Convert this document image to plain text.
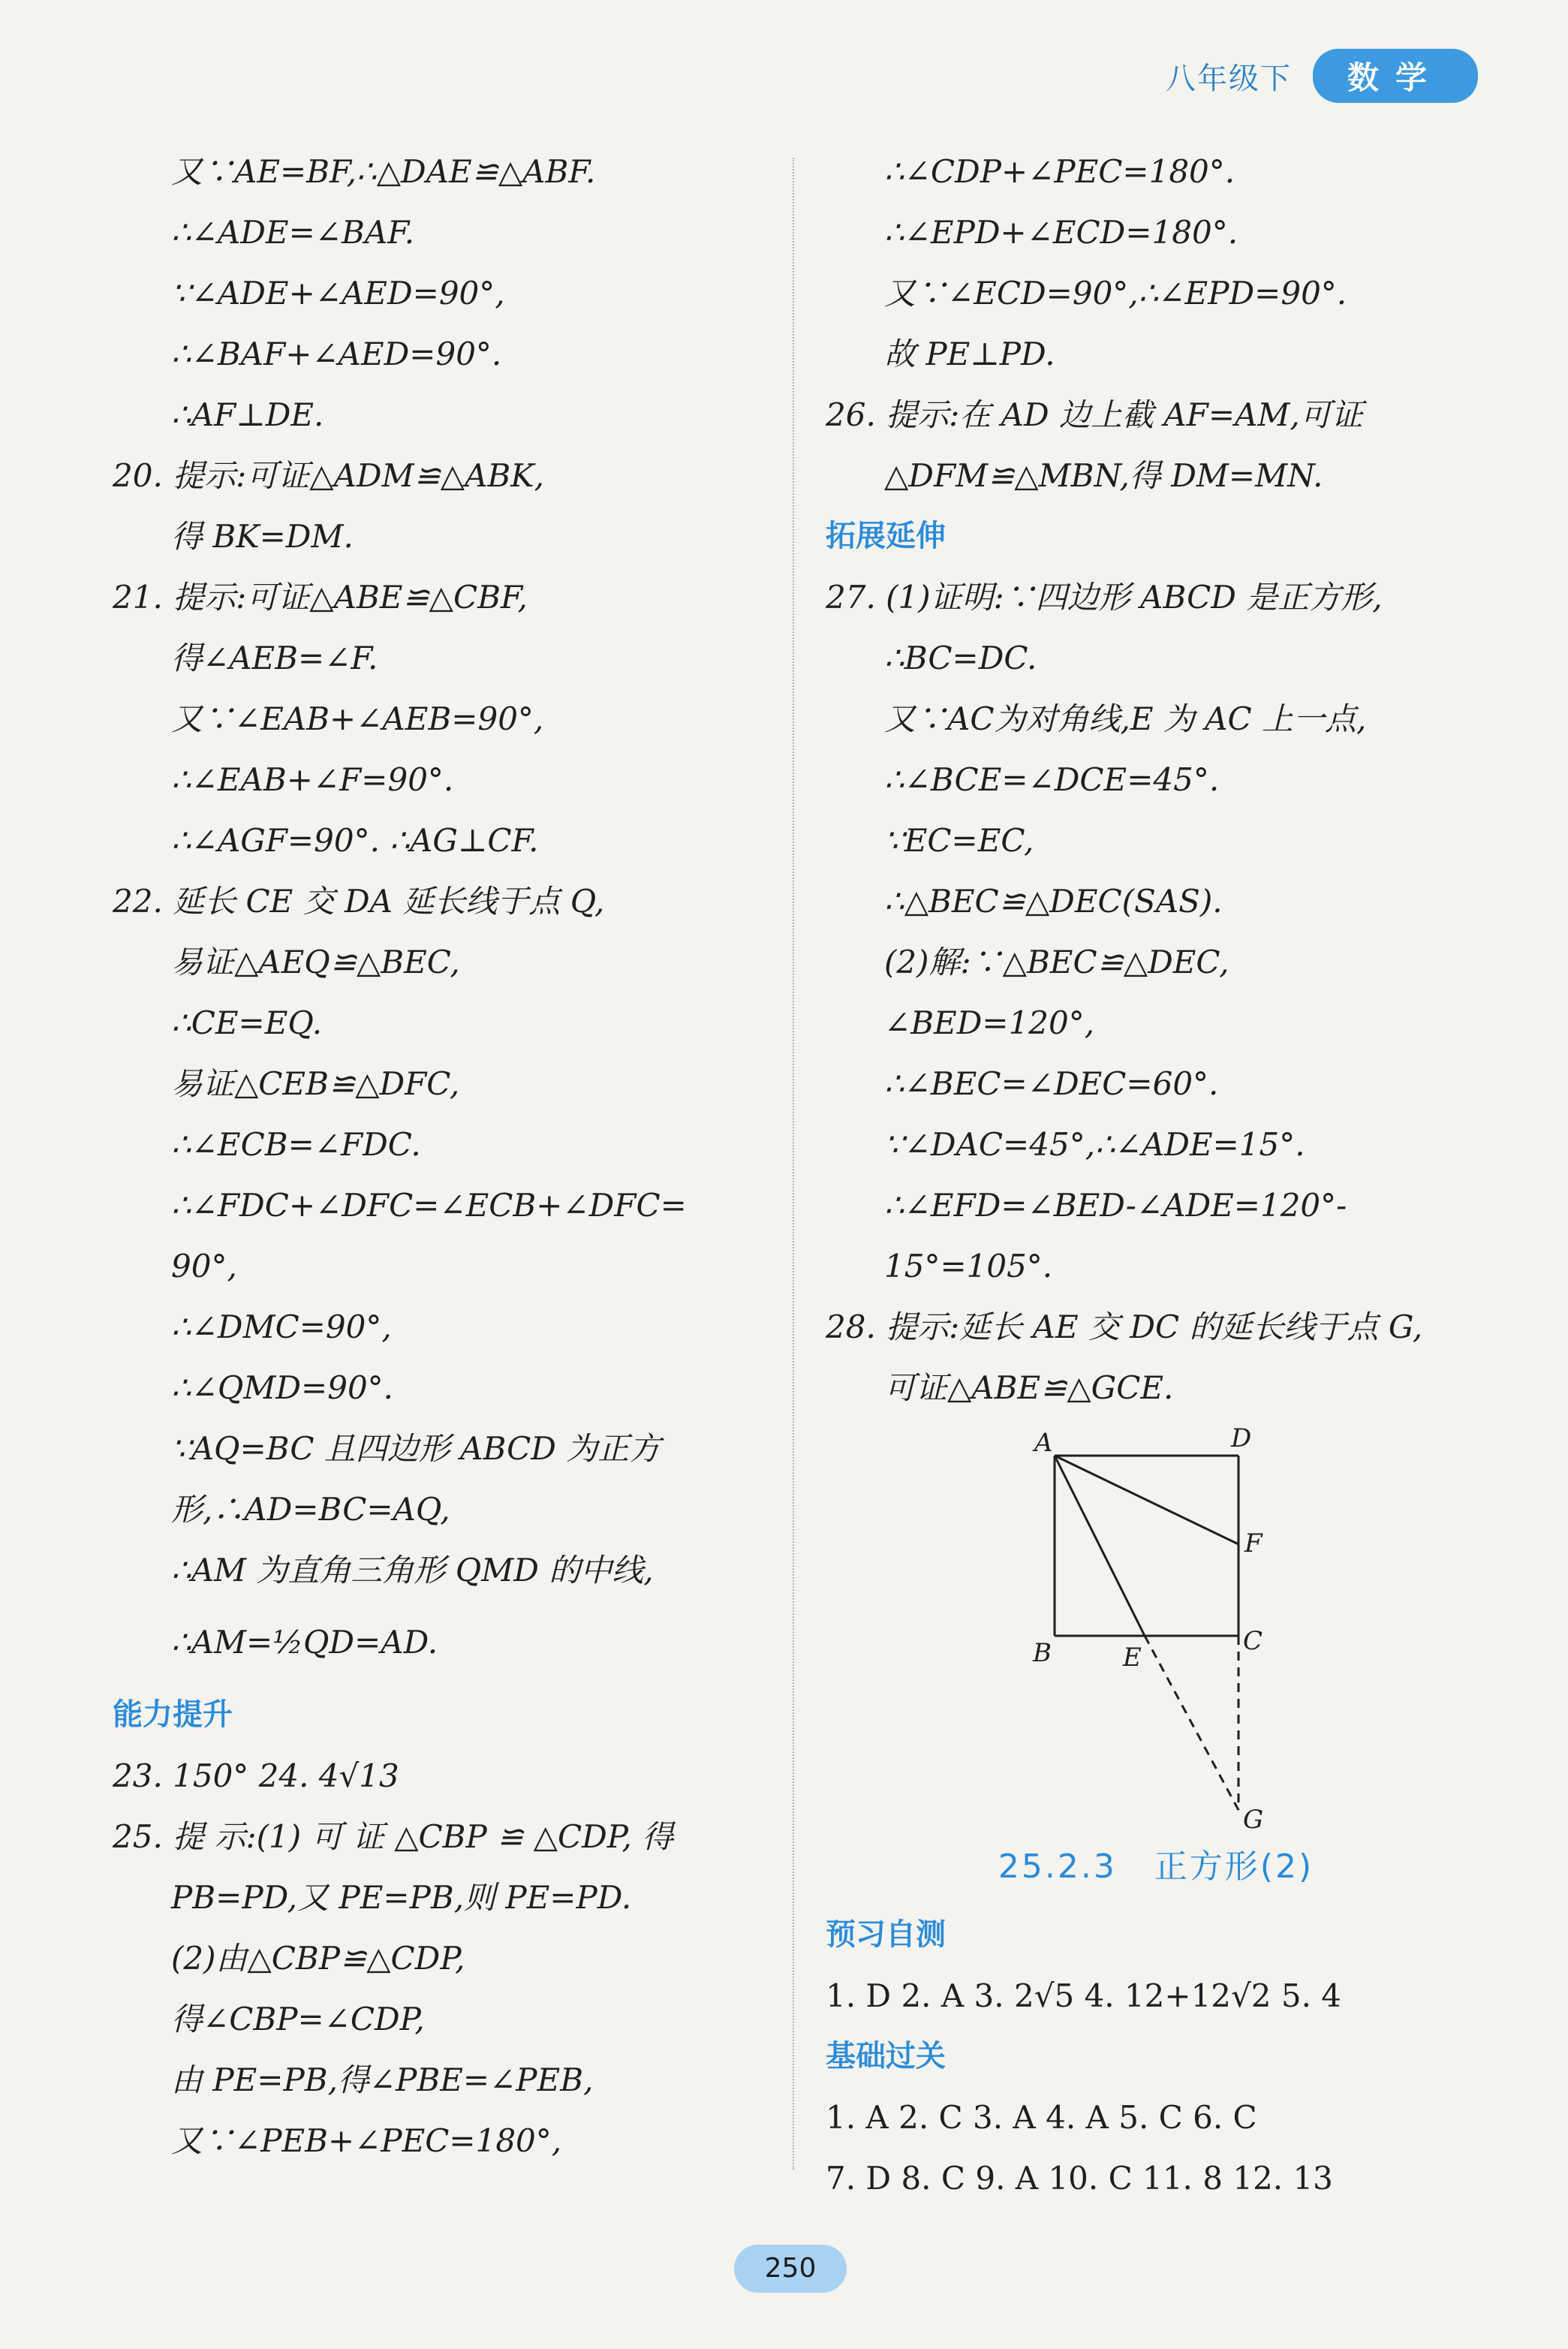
八年级下	数学
又∵AE=BF,∴△DAE≌△ABF.
∴∠ADE=∠BAF.
∵∠ADE+∠AED=90°,
∴∠BAF+∠AED=90°.
∴AF⊥DE.
20. 提示:可证△ADM≌△ABK,
得 BK=DM.
21. 提示:可证△ABE≌△CBF,
得∠AEB=∠F.
又∵∠EAB+∠AEB=90°,
∴∠EAB+∠F=90°.
∴∠AGF=90°. ∴AG⊥CF.
22. 延长 CE 交 DA 延长线于点 Q,
易证△AEQ≌△BEC,
∴CE=EQ.
易证△CEB≌△DFC,
∴∠ECB=∠FDC.
∴∠FDC+∠DFC=∠ECB+∠DFC=
90°,
∴∠DMC=90°,
∴∠QMD=90°.
∵AQ=BC 且四边形 ABCD 为正方
形,∴AD=BC=AQ,
∴AM 为直角三角形 QMD 的中线,
∴AM=½QD=AD.
能力提升
23. 150° 24. 4√13
25. 提 示:(1) 可 证 △CBP ≌ △CDP, 得
PB=PD,又 PE=PB,则 PE=PD.
(2)由△CBP≌△CDP,
得∠CBP=∠CDP,
由 PE=PB,得∠PBE=∠PEB,
又∵∠PEB+∠PEC=180°,
∴∠CDP+∠PEC=180°.
∴∠EPD+∠ECD=180°.
又∵∠ECD=90°,∴∠EPD=90°.
故 PE⊥PD.
26. 提示:在 AD 边上截 AF=AM,可证
△DFM≌△MBN,得 DM=MN.
拓展延伸
27. (1)证明:∵四边形 ABCD 是正方形,
∴BC=DC.
又∵AC为对角线,E 为 AC 上一点,
∴∠BCE=∠DCE=45°.
∵EC=EC,
∴△BEC≌△DEC(SAS).
(2)解:∵△BEC≌△DEC,
∠BED=120°,
∴∠BEC=∠DEC=60°.
∵∠DAC=45°,∴∠ADE=15°.
∴∠EFD=∠BED-∠ADE=120°-
15°=105°.
28. 提示:延长 AE 交 DC 的延长线于点 G,
可证△ABE≌△GCE.
A	D
F
B	E
C
G
25.2.3 正方形(2)
预习自测
1. D 2. A 3. 2√5 4. 12+12√2 5. 4
基础过关
1. A 2. C 3. A 4. A 5. C 6. C
7. D 8. C 9. A 10. C 11. 8 12. 13
250
